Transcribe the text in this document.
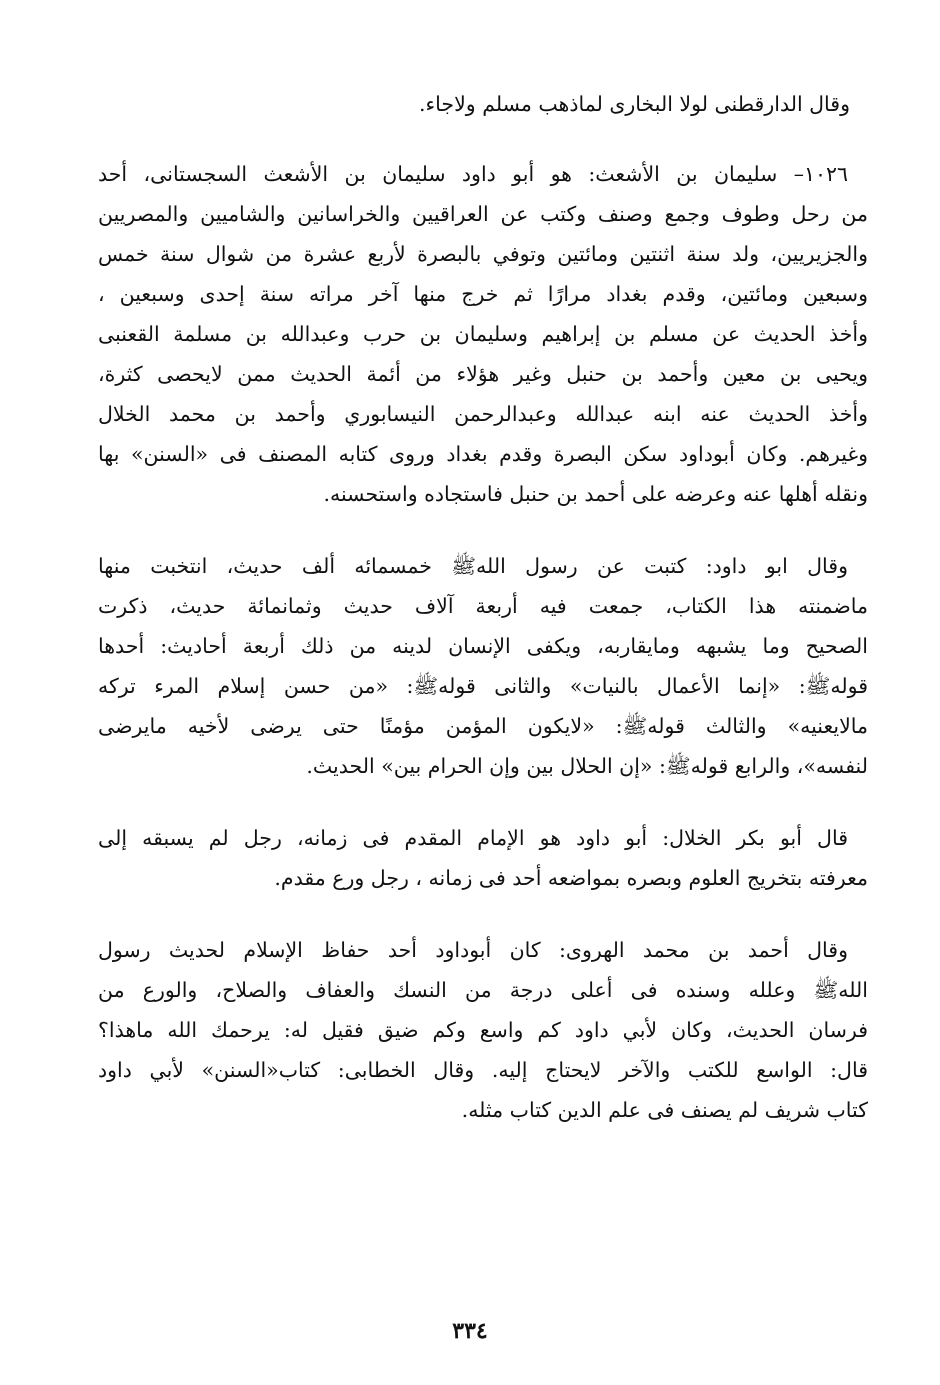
وقال الدارقطنى لولا البخارى لماذهب مسلم ولاجاء.
١٠٢٦– سليمان بن الأشعث: هو أبو داود سليمان بن الأشعث السجستانى، أحد
من رحل وطوف وجمع وصنف وكتب عن العراقيين والخراسانين والشاميين والمصريين
والجزيريين، ولد سنة اثنتين ومائتين وتوفي بالبصرة لأربع عشرة من شوال سنة خمس
وسبعين ومائتين، وقدم بغداد مرارًا ثم خرج منها آخر مراته سنة إحدى وسبعين ،
وأخذ الحديث عن مسلم بن إبراهيم وسليمان بن حرب وعبدالله بن مسلمة القعنبى
ويحيى بن معين وأحمد بن حنبل وغير هؤلاء من أئمة الحديث ممن لايحصى كثرة،
وأخذ الحديث عنه ابنه عبدالله وعبدالرحمن النيسابوري وأحمد بن محمد الخلال
وغيرهم. وكان أبوداود سكن البصرة وقدم بغداد وروى كتابه المصنف فى «السنن» بها
ونقله أهلها عنه وعرضه على أحمد بن حنبل فاستجاده واستحسنه.
وقال ابو داود: كتبت عن رسول اللهﷺ خمسمائه ألف حديث، انتخبت منها
ماضمنته هذا الكتاب، جمعت فيه أربعة آلاف حديث وثمانمائة حديث، ذكرت
الصحيح وما يشبهه ومايقاربه، ويكفى الإنسان لدينه من ذلك أربعة أحاديث: أحدها
قولهﷺ: «إنما الأعمال بالنيات» والثانى قولهﷺ: «من حسن إسلام المرء تركه
مالايعنيه» والثالث قولهﷺ: «لايكون المؤمن مؤمنًا حتى يرضى لأخيه مايرضى
لنفسه»، والرابع قولهﷺ: «إن الحلال بين وإن الحرام بين» الحديث.
قال أبو بكر الخلال: أبو داود هو الإمام المقدم فى زمانه، رجل لم يسبقه إلى
معرفته بتخريج العلوم وبصره بمواضعه أحد فى زمانه ، رجل ورع مقدم.
وقال أحمد بن محمد الهروى: كان أبوداود أحد حفاظ الإسلام لحديث رسول
اللهﷺ وعلله وسنده فى أعلى درجة من النسك والعفاف والصلاح، والورع من
فرسان الحديث، وكان لأبي داود كم واسع وكم ضيق فقيل له: يرحمك الله ماهذا؟
قال: الواسع للكتب والآخر لايحتاج إليه. وقال الخطابى: كتاب«السنن» لأبي داود
كتاب شريف لم يصنف فى علم الدين كتاب مثله.
٣٣٤
